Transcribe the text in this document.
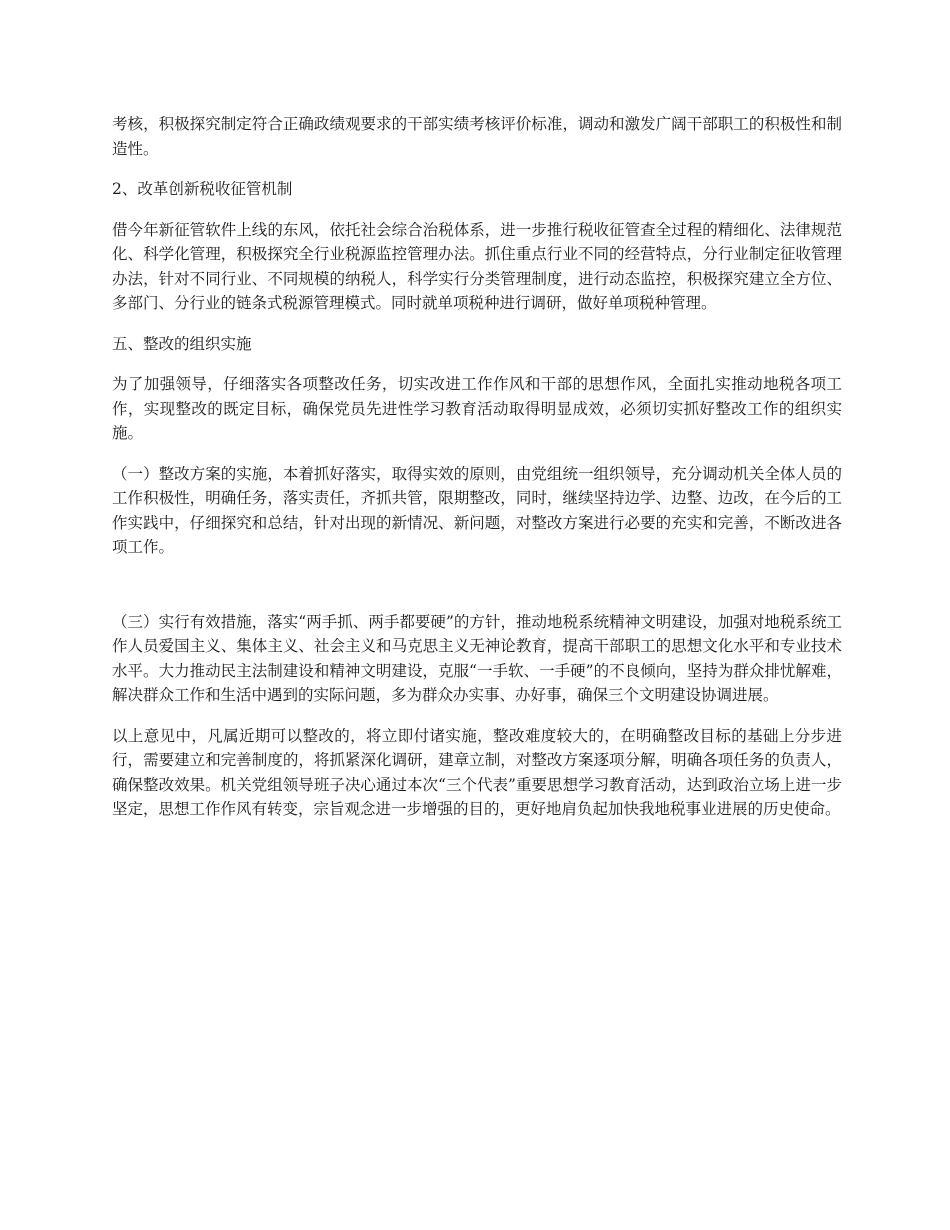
考核，积极探究制定符合正确政绩观要求的干部实绩考核评价标准，调动和激发广阔干部职工的积极性和制造性。

2、改革创新税收征管机制

借今年新征管软件上线的东风，依托社会综合治税体系，进一步推行税收征管查全过程的精细化、法律规范化、科学化管理，积极探究全行业税源监控管理办法。抓住重点行业不同的经营特点，分行业制定征收管理办法，针对不同行业、不同规模的纳税人，科学实行分类管理制度，进行动态监控，积极探究建立全方位、多部门、分行业的链条式税源管理模式。同时就单项税种进行调研，做好单项税种管理。

五、整改的组织实施

为了加强领导，仔细落实各项整改任务，切实改进工作作风和干部的思想作风，全面扎实推动地税各项工作，实现整改的既定目标，确保党员先进性学习教育活动取得明显成效，必须切实抓好整改工作的组织实施。

（一）整改方案的实施，本着抓好落实，取得实效的原则，由党组统一组织领导，充分调动机关全体人员的工作积极性，明确任务，落实责任，齐抓共管，限期整改，同时，继续坚持边学、边整、边改，在今后的工作实践中，仔细探究和总结，针对出现的新情况、新问题，对整改方案进行必要的充实和完善，不断改进各项工作。

（三）实行有效措施，落实“两手抓、两手都要硬”的方针，推动地税系统精神文明建设，加强对地税系统工作人员爱国主义、集体主义、社会主义和马克思主义无神论教育，提高干部职工的思想文化水平和专业技术水平。大力推动民主法制建设和精神文明建设，克服“一手软、一手硬”的不良倾向，坚持为群众排忧解难，解决群众工作和生活中遇到的实际问题，多为群众办实事、办好事，确保三个文明建设协调进展。

以上意见中，凡属近期可以整改的，将立即付诸实施，整改难度较大的，在明确整改目标的基础上分步进行，需要建立和完善制度的，将抓紧深化调研，建章立制，对整改方案逐项分解，明确各项任务的负责人，确保整改效果。机关党组领导班子决心通过本次“三个代表”重要思想学习教育活动，达到政治立场上进一步坚定，思想工作作风有转变，宗旨观念进一步增强的目的，更好地肩负起加快我地税事业进展的历史使命。
